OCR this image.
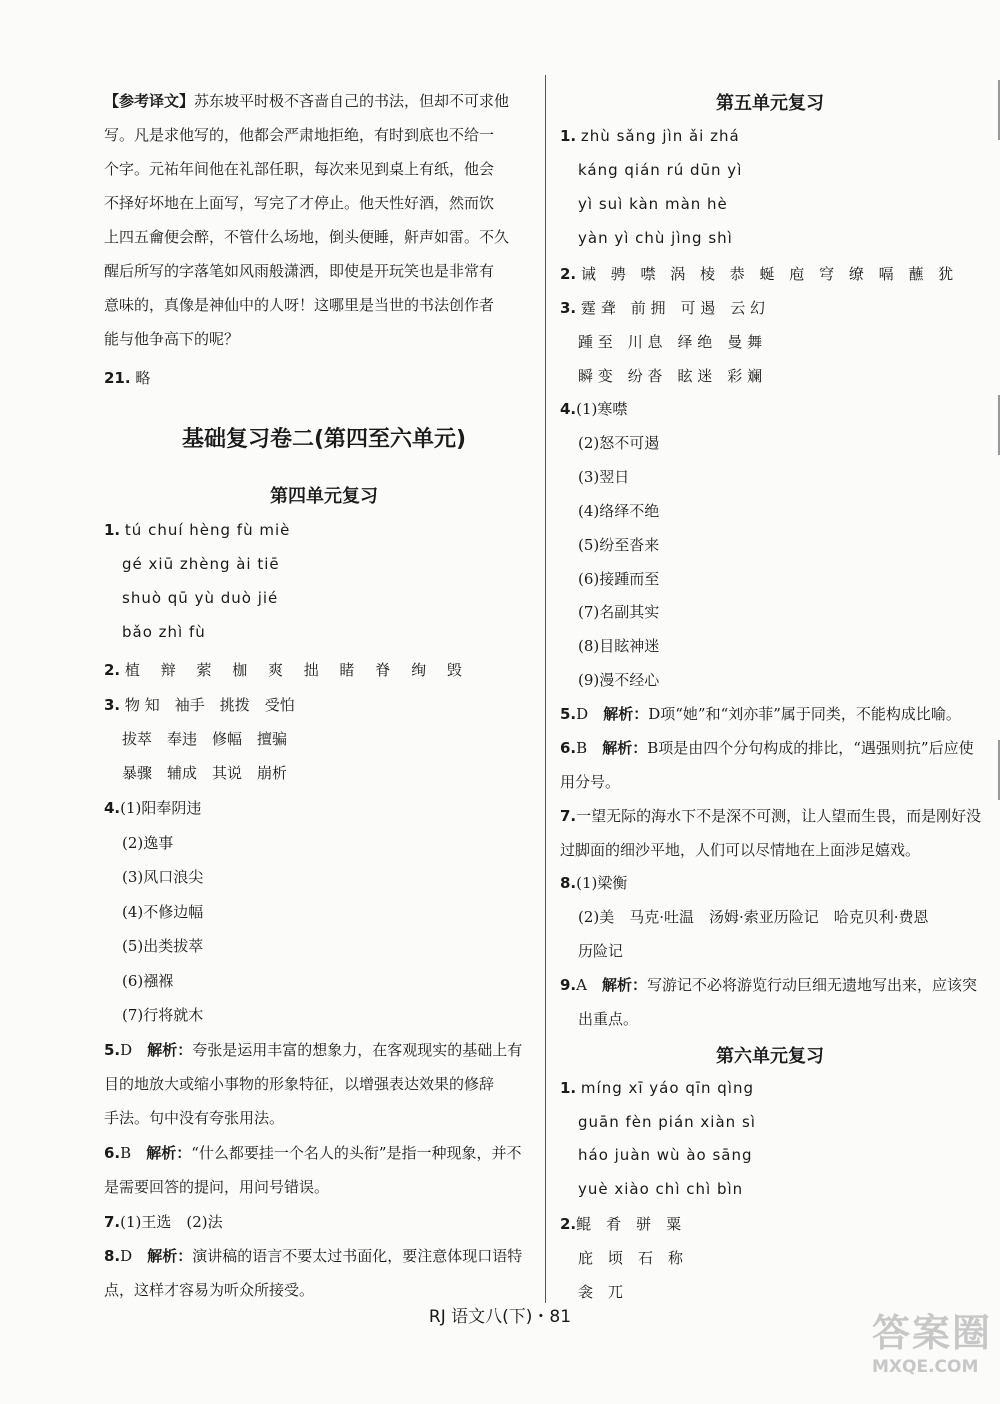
【参考译文】苏东坡平时极不吝啬自己的书法，但却不可求他
写。凡是求他写的，他都会严肃地拒绝，有时到底也不给一
个字。元祐年间他在礼部任职，每次来见到桌上有纸，他会
不择好坏地在上面写，写完了才停止。他天性好酒，然而饮
上四五龠便会醉，不管什么场地，倒头便睡，鼾声如雷。不久
醒后所写的字落笔如风雨般潇洒，即使是开玩笑也是非常有
意味的，真像是神仙中的人呀！这哪里是当世的书法创作者
能与他争高下的呢？
21. 略
基础复习卷二(第四至六单元)
第四单元复习
1. tú chuí hèng fù miè
gé xiū zhèng ài tiē
shuò qū yù duò jié
bǎo zhì fù
2. 植 辩 萦 枷 爽 拙 睹 脊 绚 毁
3. 物 知　袖手　挑拨　受怕
拔萃　奉违　修幅　擅骗
暴骤　辅成　其说　崩析
4.(1)阳奉阴违
(2)逸事
(3)风口浪尖
(4)不修边幅
(5)出类拔萃
(6)襁褓
(7)行将就木
5.D　 解析：夸张是运用丰富的想象力，在客观现实的基础上有
目的地放大或缩小事物的形象特征，以增强表达效果的修辞
手法。句中没有夸张用法。
6.B　 解析：“什么都要挂一个名人的头衔”是指一种现象，并不
是需要回答的提问，用问号错误。
7.(1)王选　(2)法
8.D　 解析：演讲稿的语言不要太过书面化，要注意体现口语特
点，这样才容易为听众所接受。
第五单元复习
1. zhù sǎng jìn ǎi zhá
káng qián rú dūn yì
yì suì kàn màn hè
yàn yì chù jìng shì
2. 诫 骋 噤 涡 棱 恭 蜒 庖 穹 缭 嗝 蘸 犹
3. 霆 聋　前 拥　可 遏　云 幻
踵 至　川 息　绎 绝　曼 舞
瞬 变　纷 沓　眩 迷　彩 斓
4.(1)寒噤
(2)怒不可遏
(3)翌日
(4)络绎不绝
(5)纷至沓来
(6)接踵而至
(7)名副其实
(8)目眩神迷
(9)漫不经心
5.D　 解析：D项“她”和“刘亦菲”属于同类，不能构成比喻。
6.B　 解析：B项是由四个分句构成的排比，“遇强则抗”后应使
用分号。
7.一望无际的海水下不是深不可测，让人望而生畏，而是刚好没
过脚面的细沙平地，人们可以尽情地在上面涉足嬉戏。
8.(1)梁衡
(2)美　马克·吐温　汤姆·索亚历险记　哈克贝利·费恩
历险记
9.A　 解析：写游记不必将游览行动巨细无遗地写出来，应该突
出重点。
第六单元复习
1. míng xī yáo qīn qìng
guān fèn pián xiàn sì
háo juàn wù ào sāng
yuè xiào chì chì bìn
2.鲲　肴　骈　粟
庇　顷　石　称
衾　兀
RJ 语文八(下)・81	答案圈
MXQE.COM
